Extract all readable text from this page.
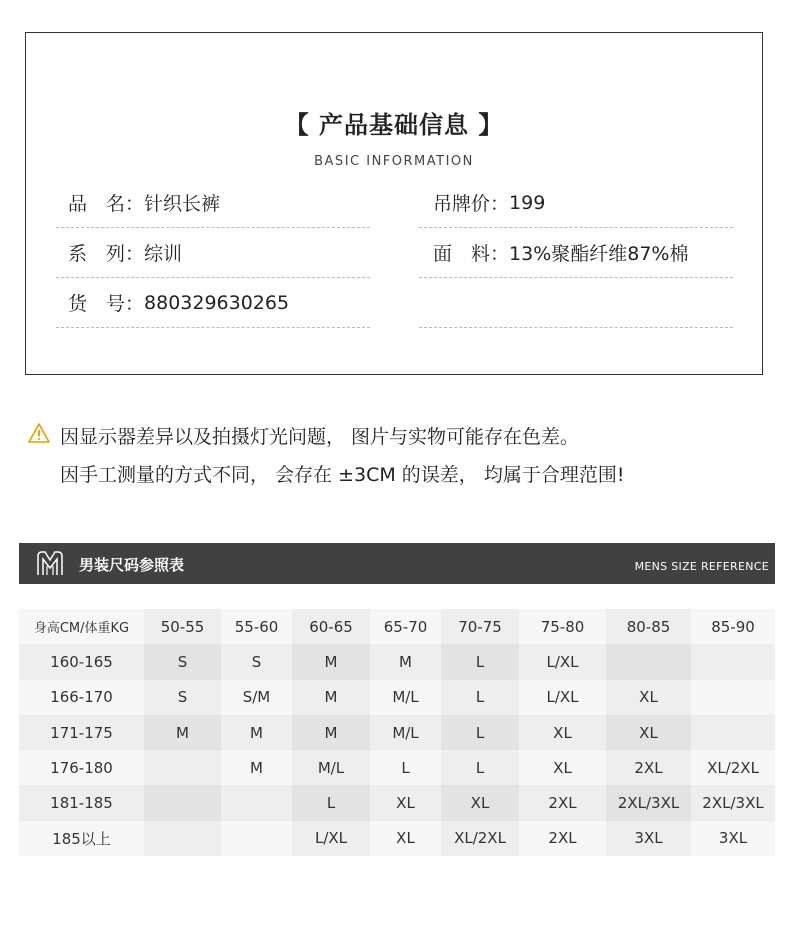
【 产品基础信息 】
BASIC INFORMATION
品　名： 针织长裤
系　列： 综训
货　号： 880329630265
吊牌价： 199
面　料： 13%聚酯纤维87%棉
因显示器差异以及拍摄灯光问题， 图片与实物可能存在色差。
因手工测量的方式不同， 会存在 ±3CM 的误差， 均属于合理范围!
男装尺码参照表	MENS SIZE REFERENCE
身高CM/体重KG	50-55	55-60	60-65	65-70	70-75	75-80	80-85	85-90
160-165	S	S	M	M	L	L/XL		
166-170	S	S/M	M	M/L	L	L/XL	XL	
171-175	M	M	M	M/L	L	XL	XL	
176-180		M	M/L	L	L	XL	2XL	XL/2XL
181-185			L	XL	XL	2XL	2XL/3XL	2XL/3XL
185以上			L/XL	XL	XL/2XL	2XL	3XL	3XL
